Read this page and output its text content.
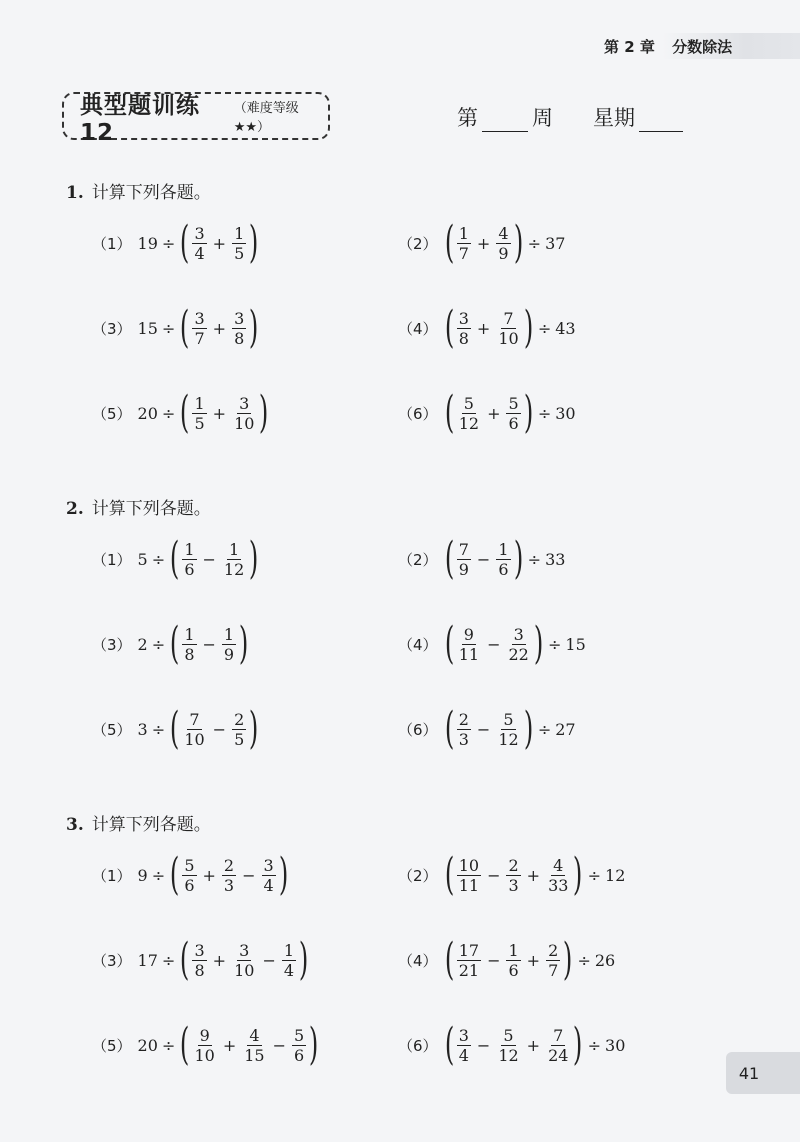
第 2 章 分数除法
典型题训练 12
（难度等级★★）	第	周 星期
1. 计算下列各题。
（1） 19 ÷ ( $\frac{3}{4} + \frac{1}{5}$ )	（2） ( $\frac{1}{7} + \frac{4}{9}$ ) ÷ 37
（3） 15 ÷ ( $\frac{3}{7} + \frac{3}{8}$ )	（4） ( $\frac{3}{8} + \frac{7}{10}$ ) ÷ 43
（5） 20 ÷ ( $\frac{1}{5} + \frac{3}{10}$ )	（6） ( $\frac{5}{12} + \frac{5}{6}$ ) ÷ 30
2. 计算下列各题。
（1） 5 ÷ ( $\frac{1}{6} - \frac{1}{12}$ )	（2） ( $\frac{7}{9} - \frac{1}{6}$ ) ÷ 33
（3） 2 ÷ ( $\frac{1}{8} - \frac{1}{9}$ )	（4） ( $\frac{9}{11} - \frac{3}{22}$ ) ÷ 15
（5） 3 ÷ ( $\frac{7}{10} - \frac{2}{5}$ )	（6） ( $\frac{2}{3} - \frac{5}{12}$ ) ÷ 27
3. 计算下列各题。
（1） 9 ÷ ( $\frac{5}{6} + \frac{2}{3} - \frac{3}{4}$ )	（2） ( $\frac{10}{11} - \frac{2}{3} + \frac{4}{33}$ ) ÷ 12
（3） 17 ÷ ( $\frac{3}{8} + \frac{3}{10} - \frac{1}{4}$ )	（4） ( $\frac{17}{21} - \frac{1}{6} + \frac{2}{7}$ ) ÷ 26
（5） 20 ÷ ( $\frac{9}{10} + \frac{4}{15} - \frac{5}{6}$ )	（6） ( $\frac{3}{4} - \frac{5}{12} + \frac{7}{24}$ ) ÷ 30
41
